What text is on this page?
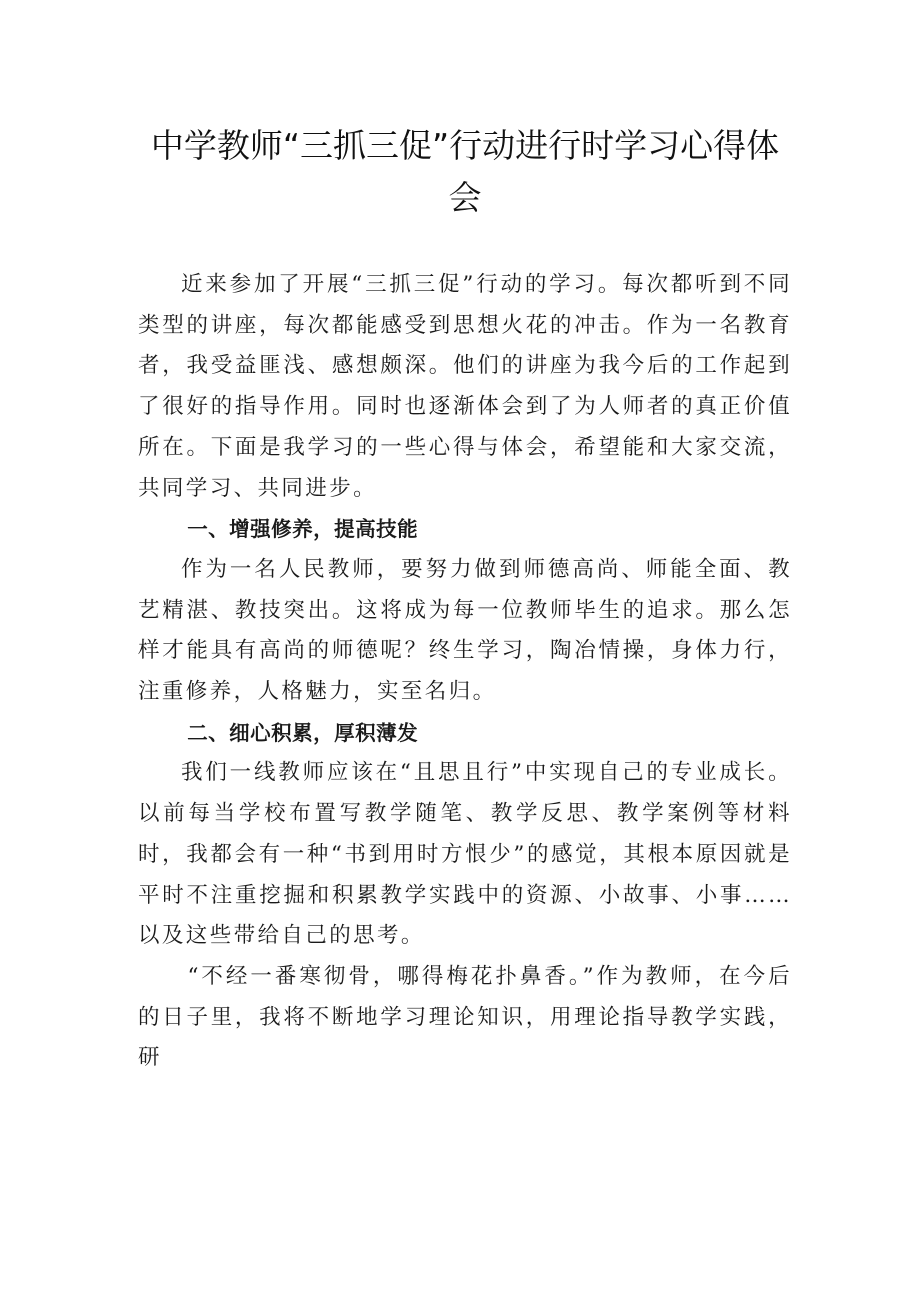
中学教师“三抓三促”行动进行时学习心得体会

近来参加了开展“三抓三促”行动的学习。每次都听到不同类型的讲座，每次都能感受到思想火花的冲击。作为一名教育者，我受益匪浅、感想颇深。他们的讲座为我今后的工作起到了很好的指导作用。同时也逐渐体会到了为人师者的真正价值所在。下面是我学习的一些心得与体会，希望能和大家交流，共同学习、共同进步。

一、增强修养，提高技能

作为一名人民教师，要努力做到师德高尚、师能全面、教艺精湛、教技突出。这将成为每一位教师毕生的追求。那么怎样才能具有高尚的师德呢？终生学习，陶冶情操，身体力行，注重修养，人格魅力，实至名归。

二、细心积累，厚积薄发

我们一线教师应该在“且思且行”中实现自己的专业成长。以前每当学校布置写教学随笔、教学反思、教学案例等材料时，我都会有一种“书到用时方恨少”的感觉，其根本原因就是平时不注重挖掘和积累教学实践中的资源、小故事、小事……以及这些带给自己的思考。

“不经一番寒彻骨，哪得梅花扑鼻香。”作为教师，在今后的日子里，我将不断地学习理论知识，用理论指导教学实践，研
